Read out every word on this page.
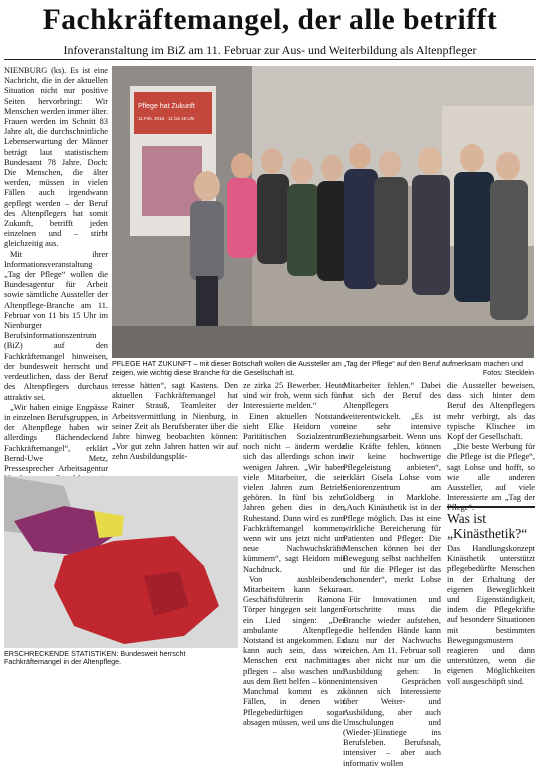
Fachkräftemangel, der alle betrifft
Infoveranstaltung im BiZ am 11. Februar zur Aus- und Weiterbildung als Altenpfleger

NIENBURG (ks). Es ist eine Nachricht, die in der aktuellen Situation nicht nur positive Seiten hervorbringt: Wir Menschen werden immer älter. Frauen werden im Schnitt 83 Jahre alt, die durchschnittliche Lebenserwartung der Männer beträgt laut statistischem Bundesamt 78 Jahre. Doch: Die Menschen, die älter werden, müssen in vielen Fällen auch irgendwann gepflegt werden – der Beruf des Altenpflegers hat somit Zukunft, betrifft jeden einzelnen und – stirbt gleichzeitig aus.

Mit ihrer Informationsveranstaltung „Tag der Pflege“ wollen die Bundesagentur für Arbeit sowie sämtliche Aussteller der Altenpflege-Branche am 11. Februar von 11 bis 15 Uhr im Nienburger Berufsinformationszentrum (BiZ) auf den Fachkräftemangel hinweisen, der bundesweit herrscht und verdeutlichen, dass der Beruf des Altenpflegers durchaus attraktiv sei.

„Wir haben einige Engpässe in einzelnen Berufsgruppen, in der Altenpflege haben wir allerdings flächendeckend Fachkräftemangel“, erklärt Bernd-Uwe Metz, Pressesprecher Arbeitsagentur

Pflege hat Zukunft
11.Feb. 2016 · 11 bis 15 Uhr
PFLEGE HAT ZUKUNFT – mit dieser Botschaft wollen die Aussteller am „Tag der Pflege“ auf den Beruf aufmerksam machen und zeigen, wie wichtig diese Branche für die Gesellschaft ist.	Fotos: Stecklein

teresse hätten“, sagt Kastens. Den aktuellen Fachkräftemangel hat Rainer Strauß, Teamleiter der Arbeitsvermittlung in Nienburg, in seiner Zeit als Berufsberater über die Jahre hinweg beobachten können: „Vor gut zehn Jahren hatten wir auf zehn Ausbildungsplät-

ERSCHRECKENDE STATISTIKEN: Bundesweit herrscht Fachkräftemangel in der Altenpflege.

ze zirka 25 Bewerber. Heute sind wir froh, wenn sich fünf Interessierte melden.“

Einen aktuellen Notstand sieht Elke Heidorn vom Paritätischen Sozialzentrum noch nicht – änderm werde sich das allerdings schon in wenigen Jahren. „Wir haben viele Mitarbeiter, die seit vielen Jahren zum Betrieb gehören. In fünf bis zehn Jahren gehen dies in den Ruhestand. Dann wird es zum Fachkräftemangel kommen, wenn wir uns jetzt nicht um neue Nachwuchskräfte kümmern“, sagt Heidorn mit Nachdruck.

Von ausbleibenden Mitarbeitern kann Sekura-Geschäftsführerin Ramona Törper hingegen seit langem ein Lied singen: „Der ambulante Altenpflege-Notstand ist angekommen. Es kann auch sein, dass wir Menschen erst nachmittags pflegen – also waschen und aus dem Bett helfen – können. Manchmal kommt es zu Fällen, in denen wir Pflegebedürftigen sogar absagen müssen, weil uns die

Mitarbeiter fehlen.“ Dabei hat sich der Beruf des Altenpflegers weiterentwickelt. „Es ist eine sehr intensive Beziehungsarbeit. Wenn uns die Kräfte fehlen, können wir keine hochwertige Pflegeleistung anbieten“, erklärt Gisela Lohse vom Seniorenzentrum am Goldberg in Marklohe. „Auch Kinästhetik ist in der Pflege möglich. Das ist eine wirkliche Bereicherung für Patienten und Pfleger: Die Menschen können bei der Bewegung selbst nachhelfen und für die Pfleger ist das schonender“, merkt Lohse an.

Für Innovationen und Fortschritte muss die Branche wieder aufstehen, die helfenden Hände kann dazu nur der Nachwuchs reichen. Am 11. Februar soll es aber nicht nur um die Ausbildung gehen: In intensiven Gesprächen können sich Interessierte über Weiter- und Ausbildung, aber auch Umschulungen und (Wieder-)Einstiege ins Berufsleben. Berufsnah, intensiver – aber auch informativ wollen

die Aussteller beweisen, dass sich hinter dem Beruf des Altenpflegers mehr verbirgt, als das typische Klischee im Kopf der Gesellschaft.

„Die beste Werbung für die Pflege ist die Pflege“, sagt Lohse und hofft, so wie alle anderen Aussteller, auf viele Interessierte am „Tag der Pflege“.

Was ist „Kinästhetik?“

Das Handlungskonzept Kinästhetik unterstützt pflegebedürfte Menschen in der Erhaltung der eigenen Beweglichkeit und Eigenständigkeit, indem die Pflegekräfte auf besondere Situationen mit bestimmten Bewegungsmustern reagieren und dann unterstützen, wenn die eigenen Möglichkeiten voll ausgeschöpft sind.
